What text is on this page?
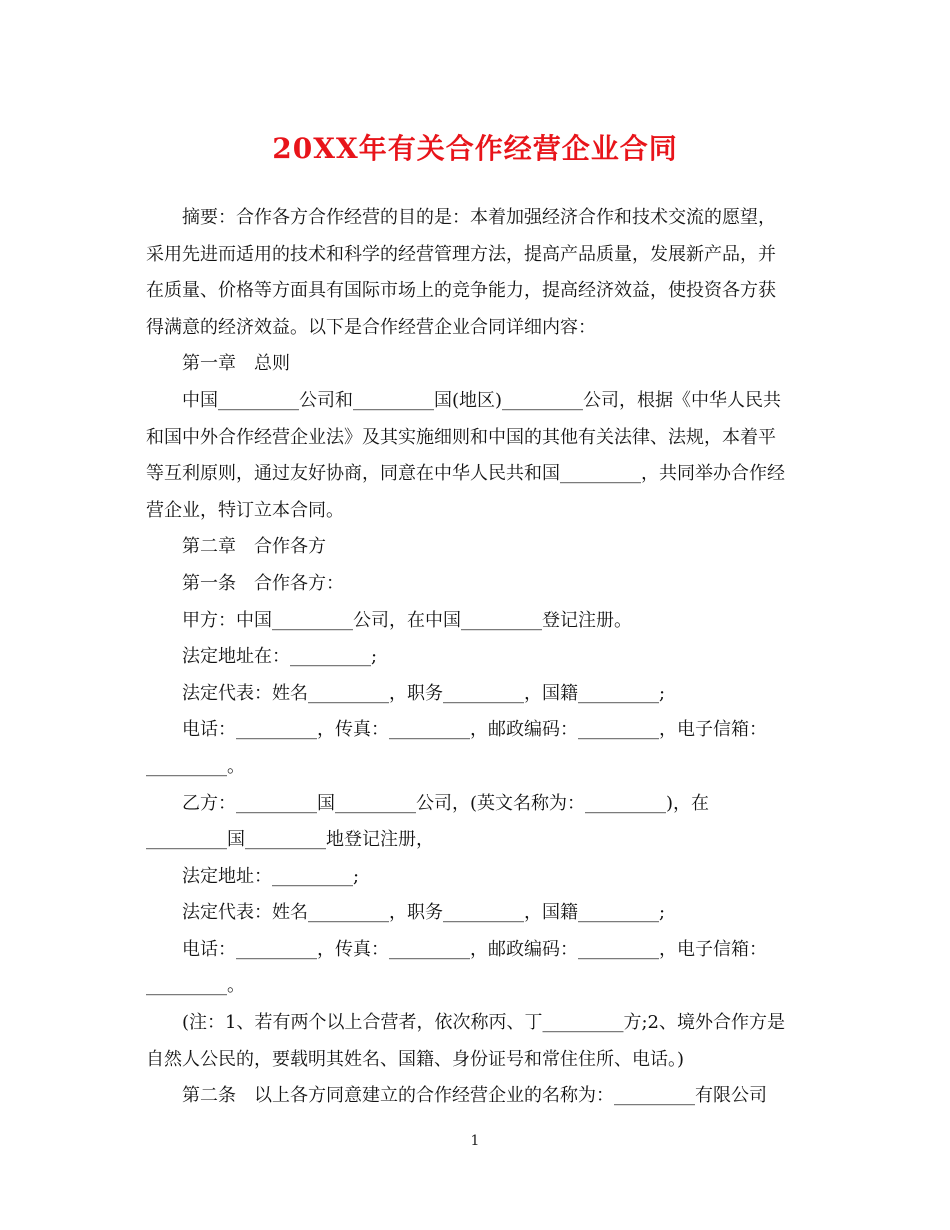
20XX年有关合作经营企业合同

摘要：合作各方合作经营的目的是：本着加强经济合作和技术交流的愿望，

采用先进而适用的技术和科学的经营管理方法，提高产品质量，发展新产品，并

在质量、价格等方面具有国际市场上的竞争能力，提高经济效益，使投资各方获

得满意的经济效益。以下是合作经营企业合同详细内容：

第一章　总则

中国_________公司和_________国(地区)_________公司，根据《中华人民共

和国中外合作经营企业法》及其实施细则和中国的其他有关法律、法规，本着平

等互利原则，通过友好协商，同意在中华人民共和国_________，共同举办合作经

营企业，特订立本合同。

第二章　合作各方

第一条　合作各方：

甲方：中国_________公司，在中国_________登记注册。

法定地址在：_________;

法定代表：姓名_________，职务_________，国籍_________;

电话：_________，传真：_________，邮政编码：_________，电子信箱：

_________。

乙方：_________国_________公司，(英文名称为：_________)，在

_________国_________地登记注册，

法定地址：_________;

法定代表：姓名_________，职务_________，国籍_________;

电话：_________，传真：_________，邮政编码：_________，电子信箱：

_________。

(注：1、若有两个以上合营者，依次称丙、丁_________方;2、境外合作方是

自然人公民的，要载明其姓名、国籍、身份证号和常住住所、电话。)

第二条　以上各方同意建立的合作经营企业的名称为：_________有限公司

1
